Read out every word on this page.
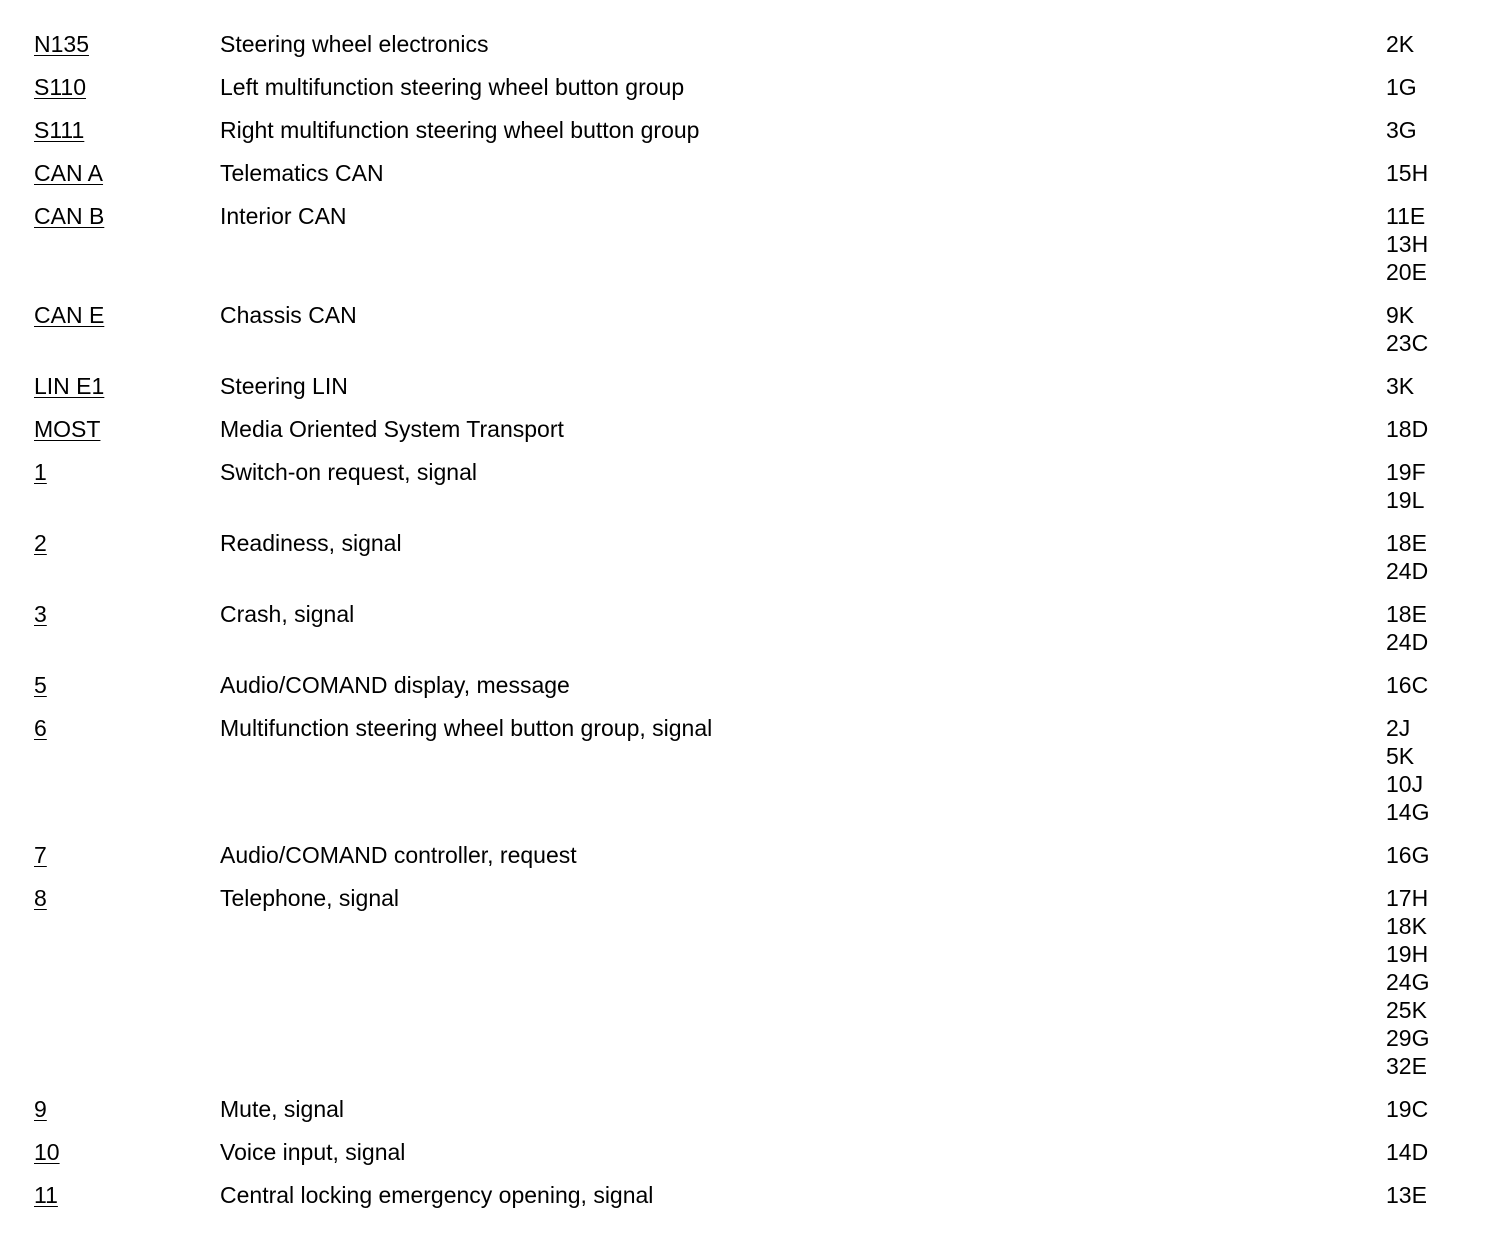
N135	Steering wheel electronics	2K
S110	Left multifunction steering wheel button group	1G
S111	Right multifunction steering wheel button group	3G
CAN A	Telematics CAN	15H
CAN B	Interior CAN	11E
13H
20E
CAN E	Chassis CAN	9K
23C
LIN E1	Steering LIN	3K
MOST	Media Oriented System Transport	18D
1	Switch-on request, signal	19F
19L
2	Readiness, signal	18E
24D
3	Crash, signal	18E
24D
5	Audio/COMAND display, message	16C
6	Multifunction steering wheel button group, signal	2J
5K
10J
14G
7	Audio/COMAND controller, request	16G
8	Telephone, signal	17H
18K
19H
24G
25K
29G
32E
9	Mute, signal	19C
10	Voice input, signal	14D
11	Central locking emergency opening, signal	13E
